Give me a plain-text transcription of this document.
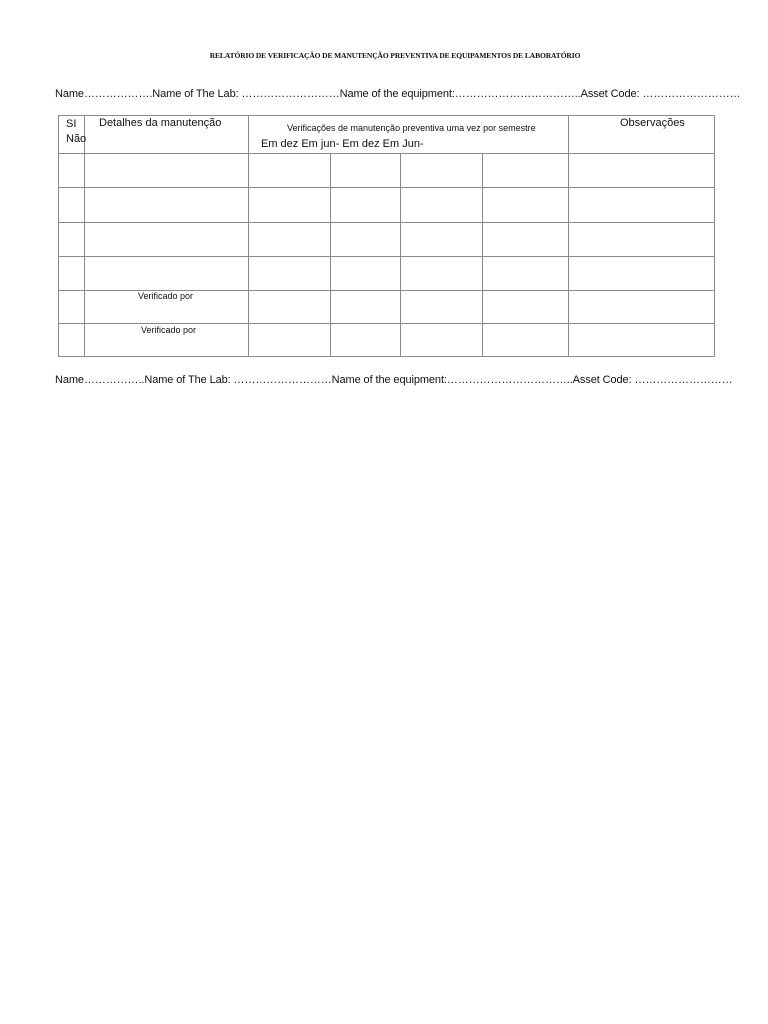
RELATÓRIO DE VERIFICAÇÃO DE MANUTENÇÃO PREVENTIVA DE EQUIPAMENTOS DE LABORATÓRIO
Name……………….Name of The Lab: ………………………Name of the equipment:……………………………..Asset Code: ………………………
SI
Não
Detalhes da manutenção	Verificações de manutenção preventiva uma vez por semestre
Em dez Em jun- Em dez Em Jun-
Observações
Verificado por
Verificado por
Name……………..Name of The Lab: ………………………Name of the equipment:……………………………..Asset Code: ………………………
